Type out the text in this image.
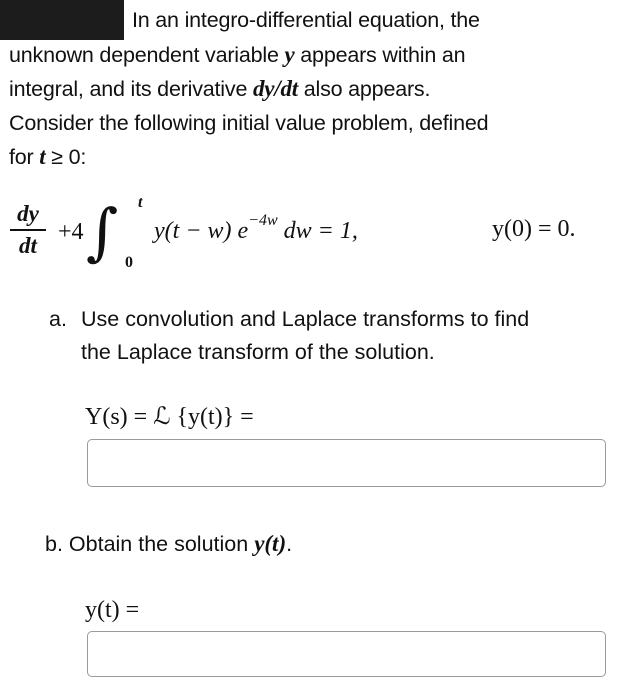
In an integro-differential equation, the
unknown dependent variable y appears within an
integral, and its derivative dy/dt also appears.
Consider the following initial value problem, defined
for t ≥ 0:
dy
dt
+4 ∫ t
0
y(t − w) $e^{-4w}$ dw = 1,	y(0) = 0.
a. Use convolution and Laplace transforms to find
the Laplace transform of the solution.
Y(s) = ℒ {y(t)} =
b. Obtain the solution y(t).
y(t) =
